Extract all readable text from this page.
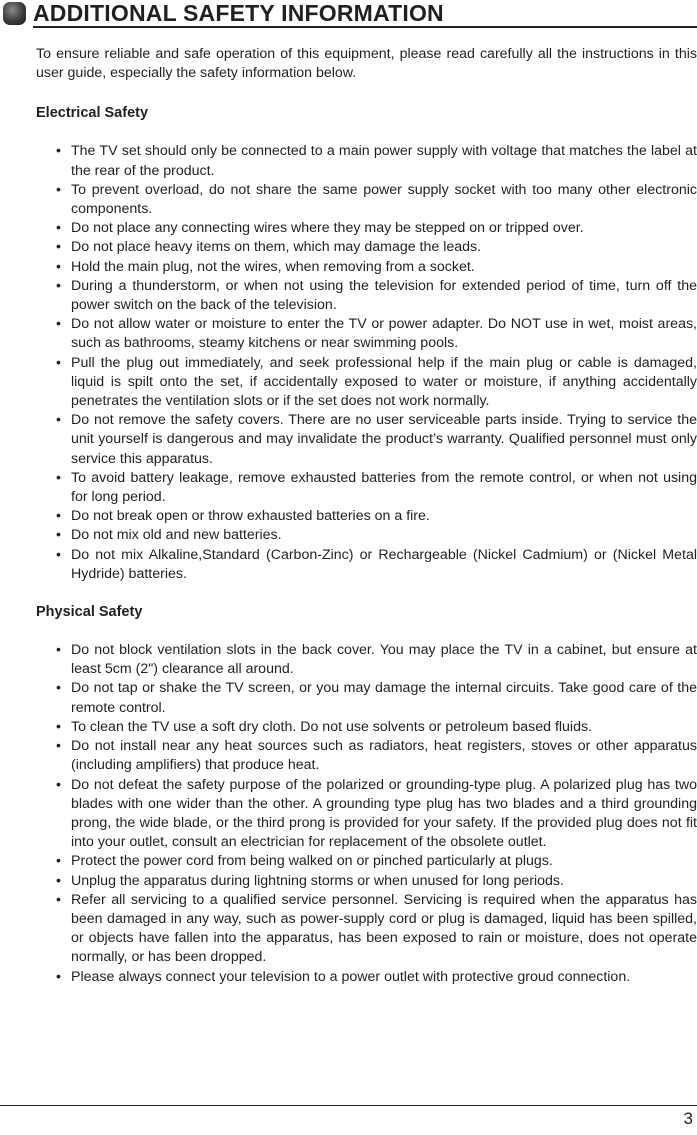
ADDITIONAL SAFETY INFORMATION

To ensure reliable and safe operation of this equipment, please read carefully all the instructions in this user guide, especially the safety information below.

Electrical Safety
• The TV set should only be connected to a main power supply with voltage that matches the label at the rear of the product.
• To prevent overload, do not share the same power supply socket with too many other electronic components.
• Do not place any connecting wires where they may be stepped on or tripped over.
• Do not place heavy items on them, which may damage the leads.
• Hold the main plug, not the wires, when removing from a socket.
• During a thunderstorm, or when not using the television for extended period of time, turn off the power switch on the back of the television.
• Do not allow water or moisture to enter the TV or power adapter. Do NOT use in wet, moist areas, such as bathrooms, steamy kitchens or near swimming pools.
• Pull the plug out immediately, and seek professional help if the main plug or cable is damaged, liquid is spilt onto the set, if accidentally exposed to water or moisture, if anything accidentally penetrates the ventilation slots or if the set does not work normally.
• Do not remove the safety covers. There are no user serviceable parts inside. Trying to service the unit yourself is dangerous and may invalidate the product’s warranty. Qualified personnel must only service this apparatus.
• To avoid battery leakage, remove exhausted batteries from the remote control, or when not using for long period.
• Do not break open or throw exhausted batteries on a fire.
• Do not mix old and new batteries.
• Do not mix Alkaline,Standard (Carbon-Zinc) or Rechargeable (Nickel Cadmium) or (Nickel Metal Hydride) batteries.
Physical Safety
• Do not block ventilation slots in the back cover. You may place the TV in a cabinet, but ensure at least 5cm (2") clearance all around.
• Do not tap or shake the TV screen, or you may damage the internal circuits. Take good care of the remote control.
• To clean the TV use a soft dry cloth. Do not use solvents or petroleum based fluids.
• Do not install near any heat sources such as radiators, heat registers, stoves or other apparatus (including amplifiers) that produce heat.
• Do not defeat the safety purpose of the polarized or grounding-type plug. A polarized plug has two blades with one wider than the other. A grounding type plug has two blades and a third grounding prong, the wide blade, or the third prong is provided for your safety. If the provided plug does not fit into your outlet, consult an electrician for replacement of the obsolete outlet.
• Protect the power cord from being walked on or pinched particularly at plugs.
• Unplug the apparatus during lightning storms or when unused for long periods.
• Refer all servicing to a qualified service personnel. Servicing is required when the apparatus has been damaged in any way, such as power-supply cord or plug is damaged, liquid has been spilled, or objects have fallen into the apparatus, has been exposed to rain or moisture, does not operate normally, or has been dropped.
• Please always connect your television to a power outlet with protective groud connection.
3
